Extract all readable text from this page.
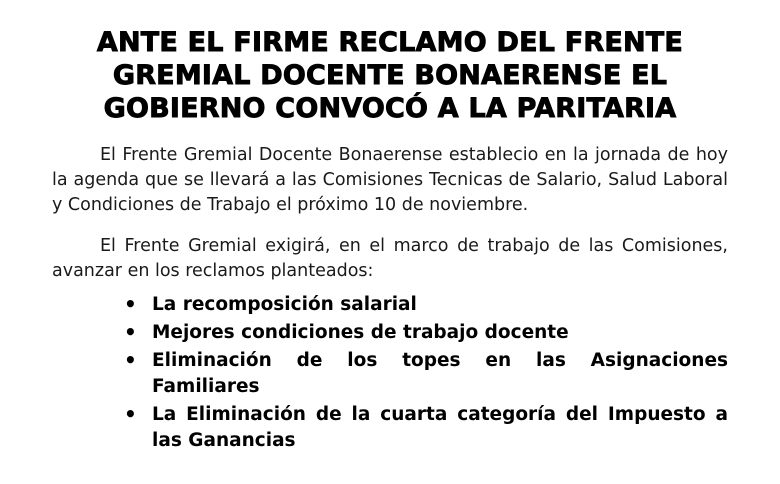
ANTE EL FIRME RECLAMO DEL FRENTE
GREMIAL DOCENTE BONAERENSE EL
GOBIERNO CONVOCÓ A LA PARITARIA

El Frente Gremial Docente Bonaerense establecio en la jornada de hoy la agenda que se llevará a las Comisiones Tecnicas de Salario, Salud Laboral y Condiciones de Trabajo el próximo 10 de noviembre.

El Frente Gremial exigirá, en el marco de trabajo de las Comisiones, avanzar en los reclamos planteados:

• La recomposición salarial
• Mejores condiciones de trabajo docente
• Eliminación de los topes en las Asignaciones Familiares
• La Eliminación de la cuarta categoría del Impuesto a las Ganancias
